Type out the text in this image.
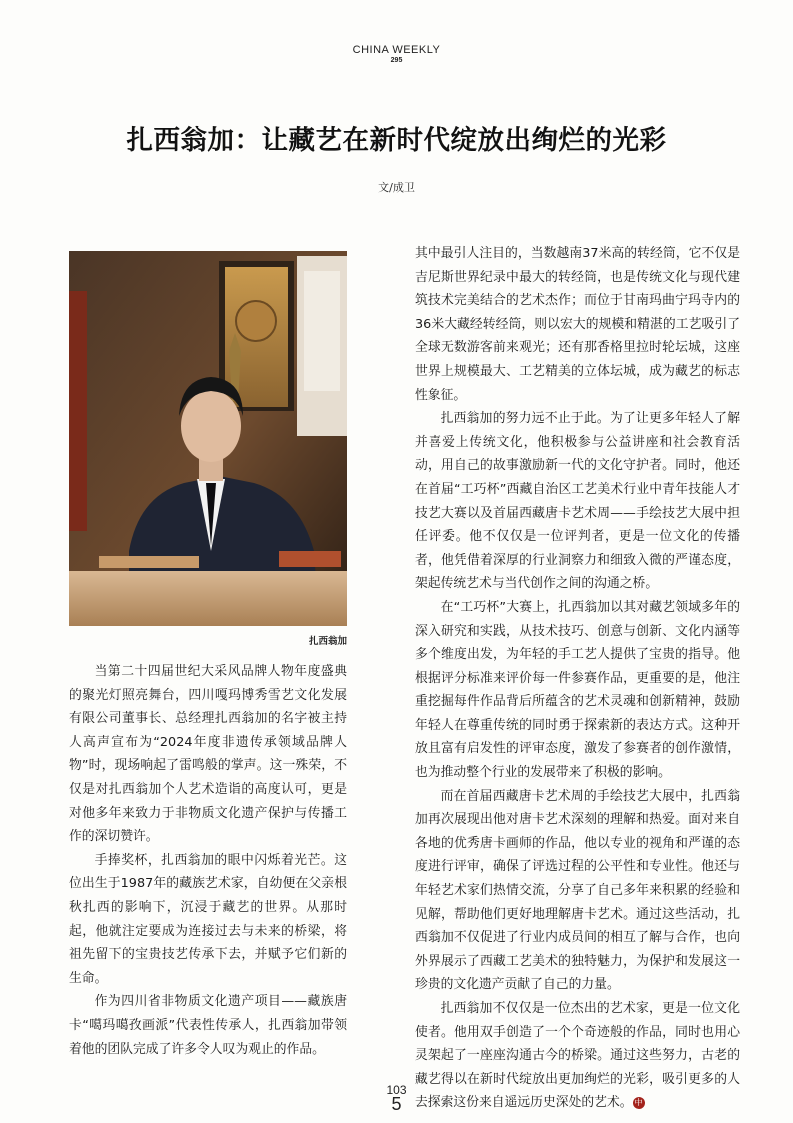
CHINA WEEKLY
295
扎西翁加：让藏艺在新时代绽放出绚烂的光彩
文/成卫
扎西翁加

当第二十四届世纪大采风品牌人物年度盛典的聚光灯照亮舞台，四川嘎玛博秀雪艺文化发展有限公司董事长、总经理扎西翁加的名字被主持人高声宣布为“2024年度非遗传承领域品牌人物”时，现场响起了雷鸣般的掌声。这一殊荣，不仅是对扎西翁加个人艺术造诣的高度认可，更是对他多年来致力于非物质文化遗产保护与传播工作的深切赞许。

手捧奖杯，扎西翁加的眼中闪烁着光芒。这位出生于1987年的藏族艺术家，自幼便在父亲根秋扎西的影响下，沉浸于藏艺的世界。从那时起，他就注定要成为连接过去与未来的桥梁，将祖先留下的宝贵技艺传承下去，并赋予它们新的生命。

作为四川省非物质文化遗产项目——藏族唐卡“噶玛噶孜画派”代表性传承人，扎西翁加带领着他的团队完成了许多令人叹为观止的作品。

其中最引人注目的，当数越南37米高的转经筒，它不仅是吉尼斯世界纪录中最大的转经筒，也是传统文化与现代建筑技术完美结合的艺术杰作；而位于甘南玛曲宁玛寺内的36米大藏经转经筒，则以宏大的规模和精湛的工艺吸引了全球无数游客前来观光；还有那香格里拉时轮坛城，这座世界上规模最大、工艺精美的立体坛城，成为藏艺的标志性象征。

扎西翁加的努力远不止于此。为了让更多年轻人了解并喜爱上传统文化，他积极参与公益讲座和社会教育活动，用自己的故事激励新一代的文化守护者。同时，他还在首届“工巧杯”西藏自治区工艺美术行业中青年技能人才技艺大赛以及首届西藏唐卡艺术周——手绘技艺大展中担任评委。他不仅仅是一位评判者，更是一位文化的传播者，他凭借着深厚的行业洞察力和细致入微的严谨态度，架起传统艺术与当代创作之间的沟通之桥。

在“工巧杯”大赛上，扎西翁加以其对藏艺领域多年的深入研究和实践，从技术技巧、创意与创新、文化内涵等多个维度出发，为年轻的手工艺人提供了宝贵的指导。他根据评分标准来评价每一件参赛作品，更重要的是，他注重挖掘每件作品背后所蕴含的艺术灵魂和创新精神，鼓励年轻人在尊重传统的同时勇于探索新的表达方式。这种开放且富有启发性的评审态度，激发了参赛者的创作激情，也为推动整个行业的发展带来了积极的影响。

而在首届西藏唐卡艺术周的手绘技艺大展中，扎西翁加再次展现出他对唐卡艺术深刻的理解和热爱。面对来自各地的优秀唐卡画师的作品，他以专业的视角和严谨的态度进行评审，确保了评选过程的公平性和专业性。他还与年轻艺术家们热情交流，分享了自己多年来积累的经验和见解，帮助他们更好地理解唐卡艺术。通过这些活动，扎西翁加不仅促进了行业内成员间的相互了解与合作，也向外界展示了西藏工艺美术的独特魅力，为保护和发展这一珍贵的文化遗产贡献了自己的力量。

扎西翁加不仅仅是一位杰出的艺术家，更是一位文化使者。他用双手创造了一个个奇迹般的作品，同时也用心灵架起了一座座沟通古今的桥梁。通过这些努力，古老的藏艺得以在新时代绽放出更加绚烂的光彩，吸引更多的人去探索这份来自遥远历史深处的艺术。 中

103
5
